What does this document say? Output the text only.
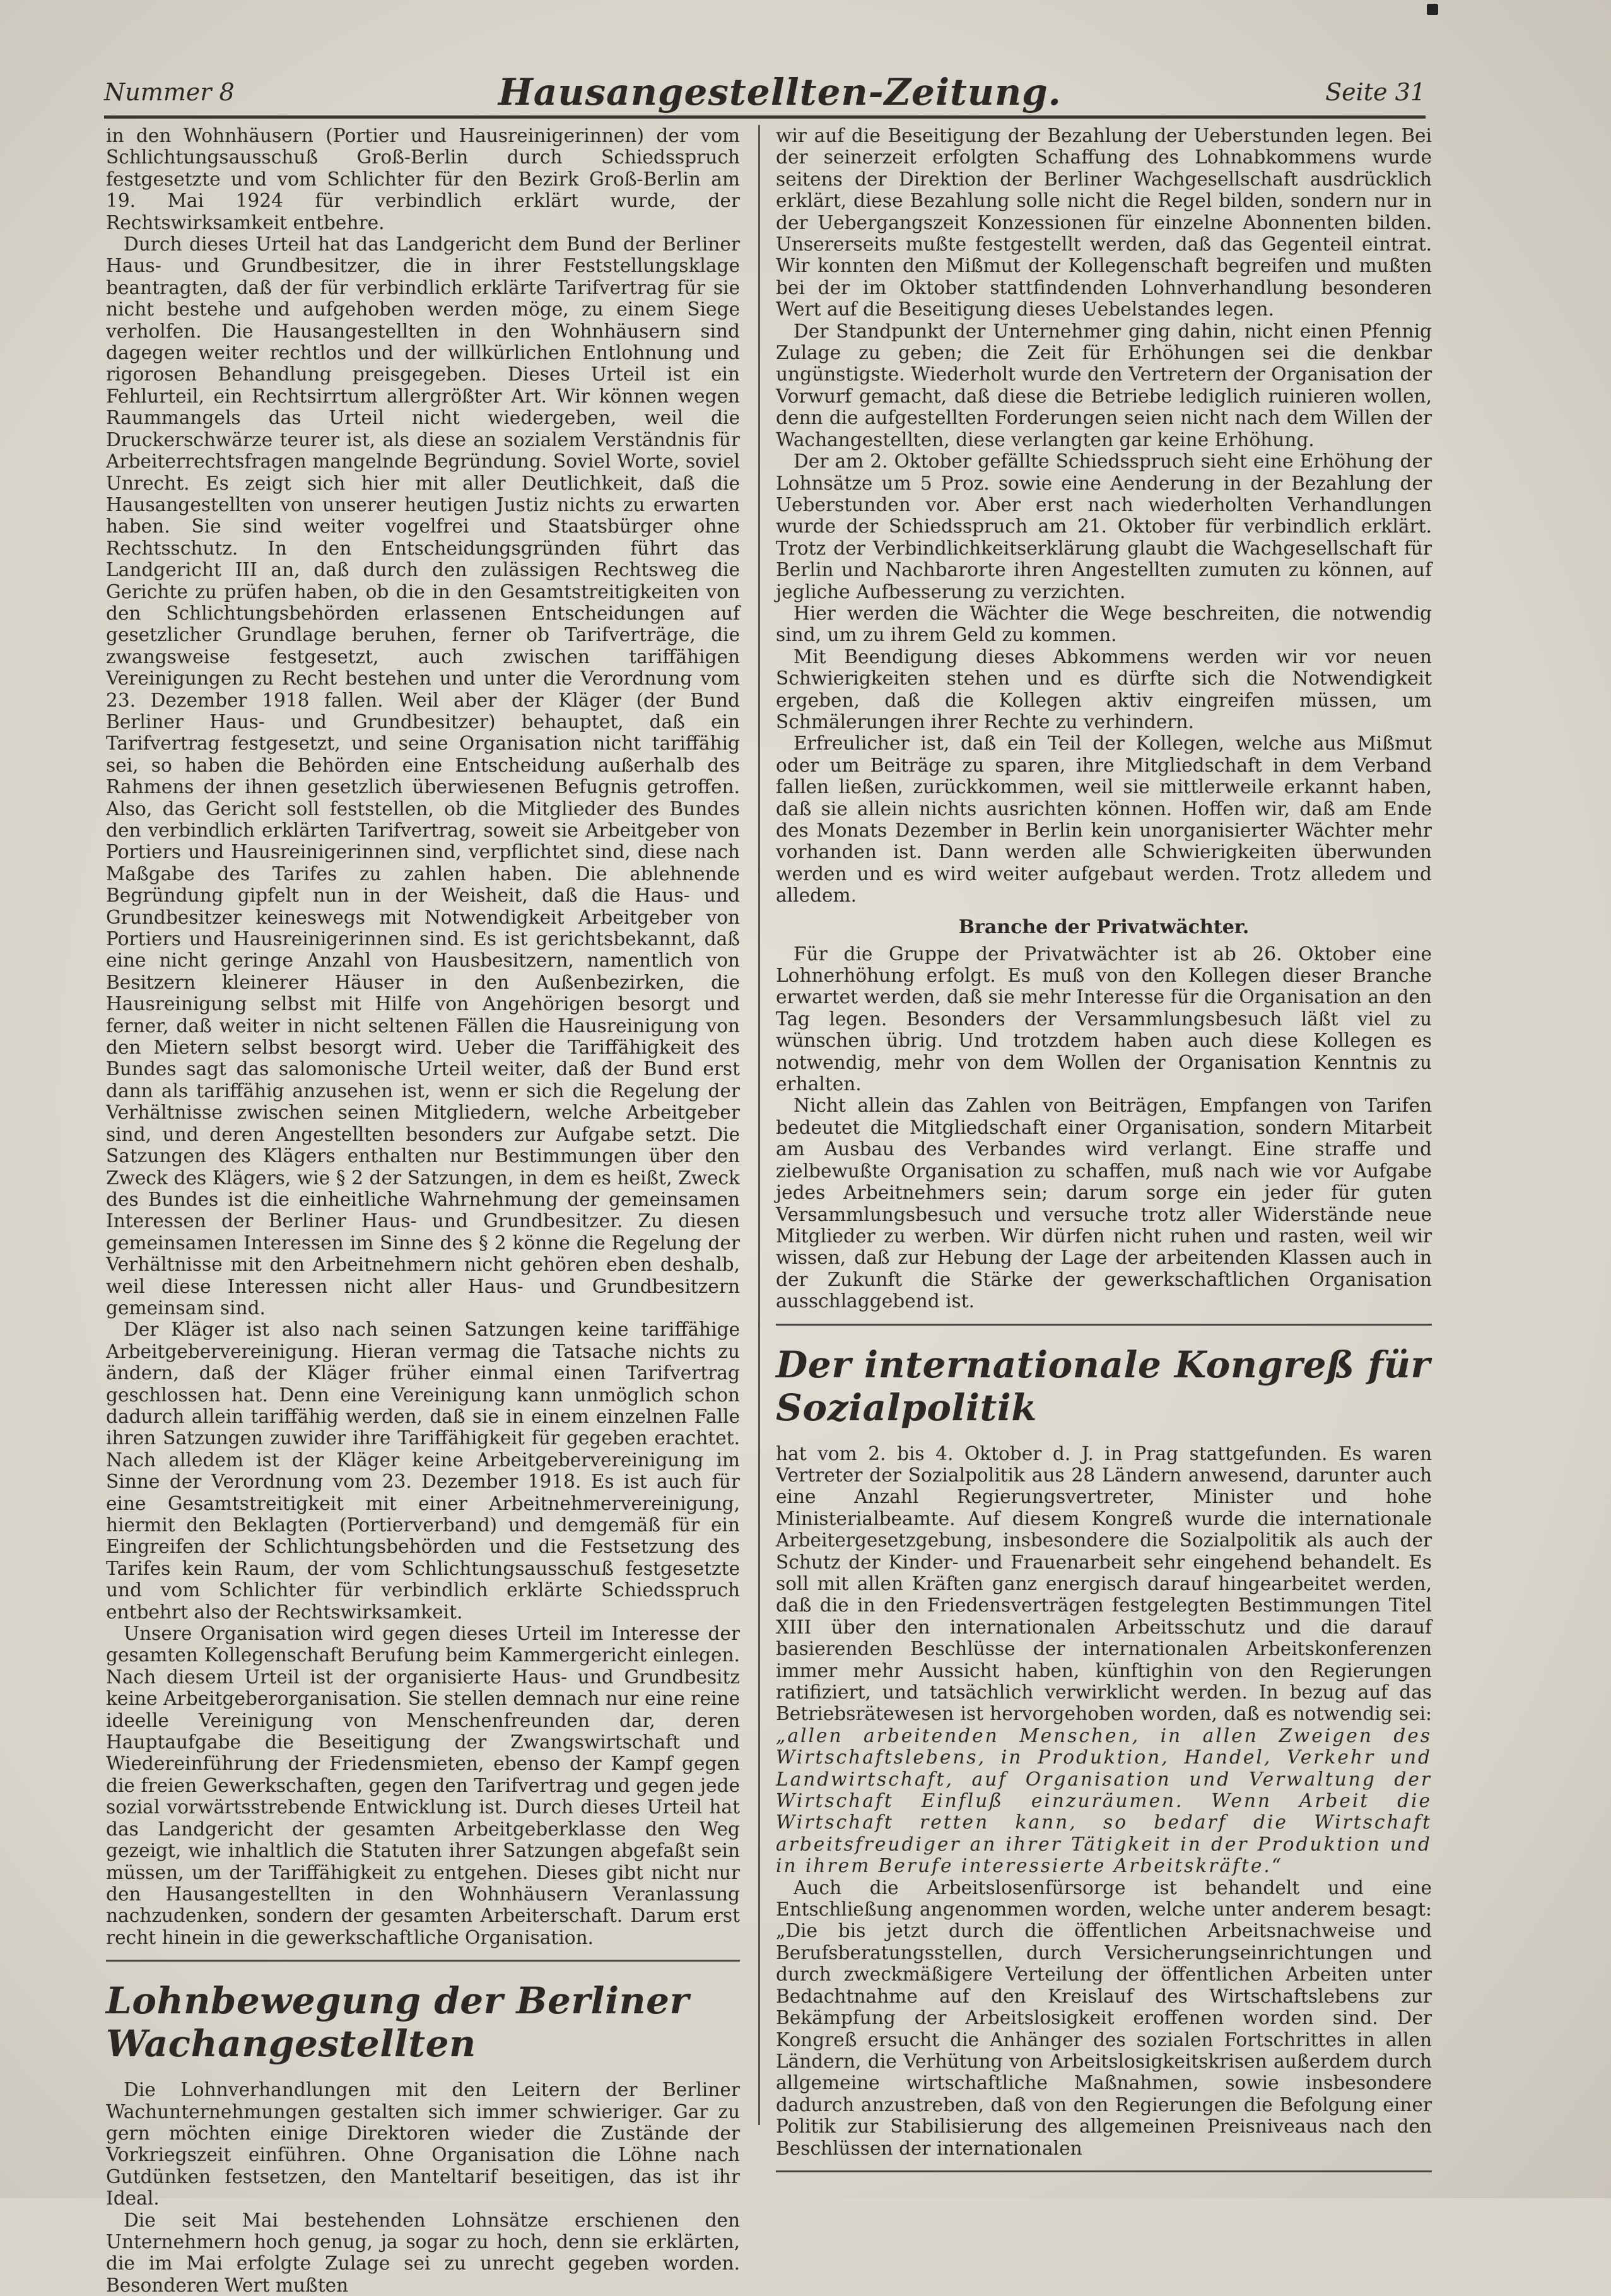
Nummer 8	Hausangestellten-Zeitung.	Seite 31

in den Wohnhäusern (Portier und Hausreinigerinnen) der vom Schlichtungsausschuß Groß-Berlin durch Schiedsspruch festgesetzte und vom Schlichter für den Bezirk Groß-Berlin am 19. Mai 1924 für verbindlich erklärt wurde, der Rechtswirksamkeit entbehre.

Durch dieses Urteil hat das Landgericht dem Bund der Berliner Haus- und Grundbesitzer, die in ihrer Feststellungsklage beantragten, daß der für verbindlich erklärte Tarifvertrag für sie nicht bestehe und aufgehoben werden möge, zu einem Siege verholfen. Die Hausangestellten in den Wohnhäusern sind dagegen weiter rechtlos und der willkürlichen Entlohnung und rigorosen Behandlung preisgegeben. Dieses Urteil ist ein Fehlurteil, ein Rechtsirrtum allergrößter Art. Wir können wegen Raummangels das Urteil nicht wiedergeben, weil die Druckerschwärze teurer ist, als diese an sozialem Verständnis für Arbeiterrechtsfragen mangelnde Begründung. Soviel Worte, soviel Unrecht. Es zeigt sich hier mit aller Deutlichkeit, daß die Hausangestellten von unserer heutigen Justiz nichts zu erwarten haben. Sie sind weiter vogelfrei und Staatsbürger ohne Rechtsschutz. In den Entscheidungsgründen führt das Landgericht III an, daß durch den zulässigen Rechtsweg die Gerichte zu prüfen haben, ob die in den Gesamtstreitigkeiten von den Schlichtungsbehörden erlassenen Entscheidungen auf gesetzlicher Grundlage beruhen, ferner ob Tarifverträge, die zwangsweise festgesetzt, auch zwischen tariffähigen Vereinigungen zu Recht bestehen und unter die Verordnung vom 23. Dezember 1918 fallen. Weil aber der Kläger (der Bund Berliner Haus- und Grundbesitzer) behauptet, daß ein Tarifvertrag festgesetzt, und seine Organisation nicht tariffähig sei, so haben die Behörden eine Entscheidung außerhalb des Rahmens der ihnen gesetzlich überwiesenen Befugnis getroffen. Also, das Gericht soll feststellen, ob die Mitglieder des Bundes den verbindlich erklärten Tarifvertrag, soweit sie Arbeitgeber von Portiers und Hausreinigerinnen sind, verpflichtet sind, diese nach Maßgabe des Tarifes zu zahlen haben. Die ablehnende Begründung gipfelt nun in der Weisheit, daß die Haus- und Grundbesitzer keineswegs mit Notwendigkeit Arbeitgeber von Portiers und Hausreinigerinnen sind. Es ist gerichtsbekannt, daß eine nicht geringe Anzahl von Hausbesitzern, namentlich von Besitzern kleinerer Häuser in den Außenbezirken, die Hausreinigung selbst mit Hilfe von Angehörigen besorgt und ferner, daß weiter in nicht seltenen Fällen die Hausreinigung von den Mietern selbst besorgt wird. Ueber die Tariffähigkeit des Bundes sagt das salomonische Urteil weiter, daß der Bund erst dann als tariffähig anzusehen ist, wenn er sich die Regelung der Verhältnisse zwischen seinen Mitgliedern, welche Arbeitgeber sind, und deren Angestellten besonders zur Aufgabe setzt. Die Satzungen des Klägers enthalten nur Bestimmungen über den Zweck des Klägers, wie § 2 der Satzungen, in dem es heißt, Zweck des Bundes ist die einheitliche Wahrnehmung der gemeinsamen Interessen der Berliner Haus- und Grundbesitzer. Zu diesen gemeinsamen Interessen im Sinne des § 2 könne die Regelung der Verhältnisse mit den Arbeitnehmern nicht gehören eben deshalb, weil diese Interessen nicht aller Haus- und Grundbesitzern gemeinsam sind.

Der Kläger ist also nach seinen Satzungen keine tariffähige Arbeitgebervereinigung. Hieran vermag die Tatsache nichts zu ändern, daß der Kläger früher einmal einen Tarifvertrag geschlossen hat. Denn eine Vereinigung kann unmöglich schon dadurch allein tariffähig werden, daß sie in einem einzelnen Falle ihren Satzungen zuwider ihre Tariffähigkeit für gegeben erachtet. Nach alledem ist der Kläger keine Arbeitgebervereinigung im Sinne der Verordnung vom 23. Dezember 1918. Es ist auch für eine Gesamtstreitigkeit mit einer Arbeitnehmervereinigung, hiermit den Beklagten (Portierverband) und demgemäß für ein Eingreifen der Schlichtungsbehörden und die Festsetzung des Tarifes kein Raum, der vom Schlichtungsausschuß festgesetzte und vom Schlichter für verbindlich erklärte Schiedsspruch entbehrt also der Rechtswirksamkeit.

Unsere Organisation wird gegen dieses Urteil im Interesse der gesamten Kollegenschaft Berufung beim Kammergericht einlegen. Nach diesem Urteil ist der organisierte Haus- und Grundbesitz keine Arbeitgeberorganisation. Sie stellen demnach nur eine reine ideelle Vereinigung von Menschenfreunden dar, deren Hauptaufgabe die Beseitigung der Zwangswirtschaft und Wiedereinführung der Friedensmieten, ebenso der Kampf gegen die freien Gewerkschaften, gegen den Tarifvertrag und gegen jede sozial vorwärtsstrebende Entwicklung ist. Durch dieses Urteil hat das Landgericht der gesamten Arbeitgeberklasse den Weg gezeigt, wie inhaltlich die Statuten ihrer Satzungen abgefaßt sein müssen, um der Tariffähigkeit zu entgehen. Dieses gibt nicht nur den Hausangestellten in den Wohnhäusern Veranlassung nachzudenken, sondern der gesamten Arbeiterschaft. Darum erst recht hinein in die gewerkschaftliche Organisation.

Lohnbewegung der Berliner Wachangestellten

Die Lohnverhandlungen mit den Leitern der Berliner Wachunternehmungen gestalten sich immer schwieriger. Gar zu gern möchten einige Direktoren wieder die Zustände der Vorkriegszeit einführen. Ohne Organisation die Löhne nach Gutdünken festsetzen, den Manteltarif beseitigen, das ist ihr Ideal.

Die seit Mai bestehenden Lohnsätze erschienen den Unternehmern hoch genug, ja sogar zu hoch, denn sie erklärten, die im Mai erfolgte Zulage sei zu unrecht gegeben worden. Besonderen Wert mußten

wir auf die Beseitigung der Bezahlung der Ueberstunden legen. Bei der seinerzeit erfolgten Schaffung des Lohnabkommens wurde seitens der Direktion der Berliner Wachgesellschaft ausdrücklich erklärt, diese Bezahlung solle nicht die Regel bilden, sondern nur in der Uebergangszeit Konzessionen für einzelne Abonnenten bilden. Unsererseits mußte festgestellt werden, daß das Gegenteil eintrat. Wir konnten den Mißmut der Kollegenschaft begreifen und mußten bei der im Oktober stattfindenden Lohnverhandlung besonderen Wert auf die Beseitigung dieses Uebelstandes legen.

Der Standpunkt der Unternehmer ging dahin, nicht einen Pfennig Zulage zu geben; die Zeit für Erhöhungen sei die denkbar ungünstigste. Wiederholt wurde den Vertretern der Organisation der Vorwurf gemacht, daß diese die Betriebe lediglich ruinieren wollen, denn die aufgestellten Forderungen seien nicht nach dem Willen der Wachangestellten, diese verlangten gar keine Erhöhung.

Der am 2. Oktober gefällte Schiedsspruch sieht eine Erhöhung der Lohnsätze um 5 Proz. sowie eine Aenderung in der Bezahlung der Ueberstunden vor. Aber erst nach wiederholten Verhandlungen wurde der Schiedsspruch am 21. Oktober für verbindlich erklärt. Trotz der Verbindlichkeitserklärung glaubt die Wachgesellschaft für Berlin und Nachbarorte ihren Angestellten zumuten zu können, auf jegliche Aufbesserung zu verzichten.

Hier werden die Wächter die Wege beschreiten, die notwendig sind, um zu ihrem Geld zu kommen.

Mit Beendigung dieses Abkommens werden wir vor neuen Schwierigkeiten stehen und es dürfte sich die Notwendigkeit ergeben, daß die Kollegen aktiv eingreifen müssen, um Schmälerungen ihrer Rechte zu verhindern.

Erfreulicher ist, daß ein Teil der Kollegen, welche aus Mißmut oder um Beiträge zu sparen, ihre Mitgliedschaft in dem Verband fallen ließen, zurückkommen, weil sie mittlerweile erkannt haben, daß sie allein nichts ausrichten können. Hoffen wir, daß am Ende des Monats Dezember in Berlin kein unorganisierter Wächter mehr vorhanden ist. Dann werden alle Schwierigkeiten überwunden werden und es wird weiter aufgebaut werden. Trotz alledem und alledem.

Branche der Privatwächter.

Für die Gruppe der Privatwächter ist ab 26. Oktober eine Lohnerhöhung erfolgt. Es muß von den Kollegen dieser Branche erwartet werden, daß sie mehr Interesse für die Organisation an den Tag legen. Besonders der Versammlungsbesuch läßt viel zu wünschen übrig. Und trotzdem haben auch diese Kollegen es notwendig, mehr von dem Wollen der Organisation Kenntnis zu erhalten.

Nicht allein das Zahlen von Beiträgen, Empfangen von Tarifen bedeutet die Mitgliedschaft einer Organisation, sondern Mitarbeit am Ausbau des Verbandes wird verlangt. Eine straffe und zielbewußte Organisation zu schaffen, muß nach wie vor Aufgabe jedes Arbeitnehmers sein; darum sorge ein jeder für guten Versammlungsbesuch und versuche trotz aller Widerstände neue Mitglieder zu werben. Wir dürfen nicht ruhen und rasten, weil wir wissen, daß zur Hebung der Lage der arbeitenden Klassen auch in der Zukunft die Stärke der gewerkschaftlichen Organisation ausschlaggebend ist.

Der internationale Kongreß für Sozialpolitik

hat vom 2. bis 4. Oktober d. J. in Prag stattgefunden. Es waren Vertreter der Sozialpolitik aus 28 Ländern anwesend, darunter auch eine Anzahl Regierungsvertreter, Minister und hohe Ministerialbeamte. Auf diesem Kongreß wurde die internationale Arbeitergesetzgebung, insbesondere die Sozialpolitik als auch der Schutz der Kinder- und Frauenarbeit sehr eingehend behandelt. Es soll mit allen Kräften ganz energisch darauf hingearbeitet werden, daß die in den Friedensverträgen festgelegten Bestimmungen Titel XIII über den internationalen Arbeitsschutz und die darauf basierenden Beschlüsse der internationalen Arbeitskonferenzen immer mehr Aussicht haben, künftighin von den Regierungen ratifiziert, und tatsächlich verwirklicht werden. In bezug auf das Betriebsrätewesen ist hervorgehoben worden, daß es notwendig sei: „allen arbeitenden Menschen, in allen Zweigen des Wirtschaftslebens, in Produktion, Handel, Verkehr und Landwirtschaft, auf Organisation und Verwaltung der Wirtschaft Einfluß einzuräumen. Wenn Arbeit die Wirtschaft retten kann, so bedarf die Wirtschaft arbeitsfreudiger an ihrer Tätigkeit in der Produktion und in ihrem Berufe interessierte Arbeitskräfte.“

Auch die Arbeitslosenfürsorge ist behandelt und eine Entschließung angenommen worden, welche unter anderem besagt: „Die bis jetzt durch die öffentlichen Arbeitsnachweise und Berufsberatungsstellen, durch Versicherungseinrichtungen und durch zweckmäßigere Verteilung der öffentlichen Arbeiten unter Bedachtnahme auf den Kreislauf des Wirtschaftslebens zur Bekämpfung der Arbeitslosigkeit eroffenen worden sind. Der Kongreß ersucht die Anhänger des sozialen Fortschrittes in allen Ländern, die Verhütung von Arbeitslosigkeitskrisen außerdem durch allgemeine wirtschaftliche Maßnahmen, sowie insbesondere dadurch anzustreben, daß von den Regierungen die Befolgung einer Politik zur Stabilisierung des allgemeinen Preisniveaus nach den Beschlüssen der internationalen
